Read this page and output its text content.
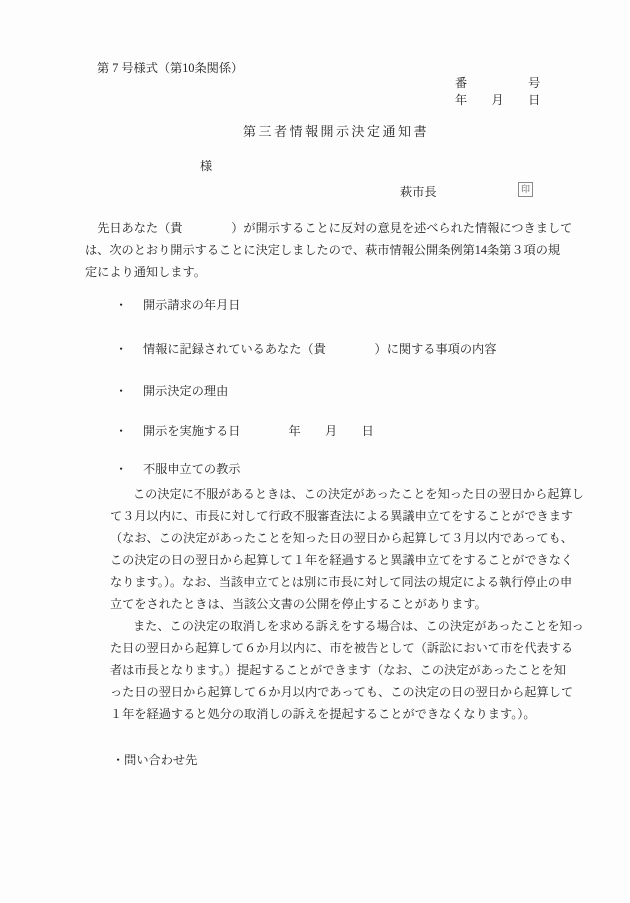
第 7 号様式（第10条関係）
番　　　　　号
年　　月　　日
第三者情報開示決定通知書
様
萩市長	印
先日あなた（貴　　　　）が開示することに反対の意見を述べられた情報につきまして
は、次のとおり開示することに決定しましたので、萩市情報公開条例第14条第３項の規
定により通知します。
・ 開示請求の年月日
・ 情報に記録されているあなた（貴　　　　）に関する事項の内容
・ 開示決定の理由
・ 開示を実施する日	年　　月　　日
・ 不服申立ての教示
この決定に不服があるときは、この決定があったことを知った日の翌日から起算し
て３月以内に、市長に対して行政不服審査法による異議申立てをすることができます
（なお、この決定があったことを知った日の翌日から起算して３月以内であっても、
この決定の日の翌日から起算して１年を経過すると異議申立てをすることができなく
なります。）。なお、当該申立てとは別に市長に対して同法の規定による執行停止の申
立てをされたときは、当該公文書の公開を停止することがあります。
また、この決定の取消しを求める訴えをする場合は、この決定があったことを知っ
た日の翌日から起算して６か月以内に、市を被告として（訴訟において市を代表する
者は市長となります。）提起することができます（なお、この決定があったことを知
った日の翌日から起算して６か月以内であっても、この決定の日の翌日から起算して
１年を経過すると処分の取消しの訴えを提起することができなくなります。）。
・問い合わせ先
